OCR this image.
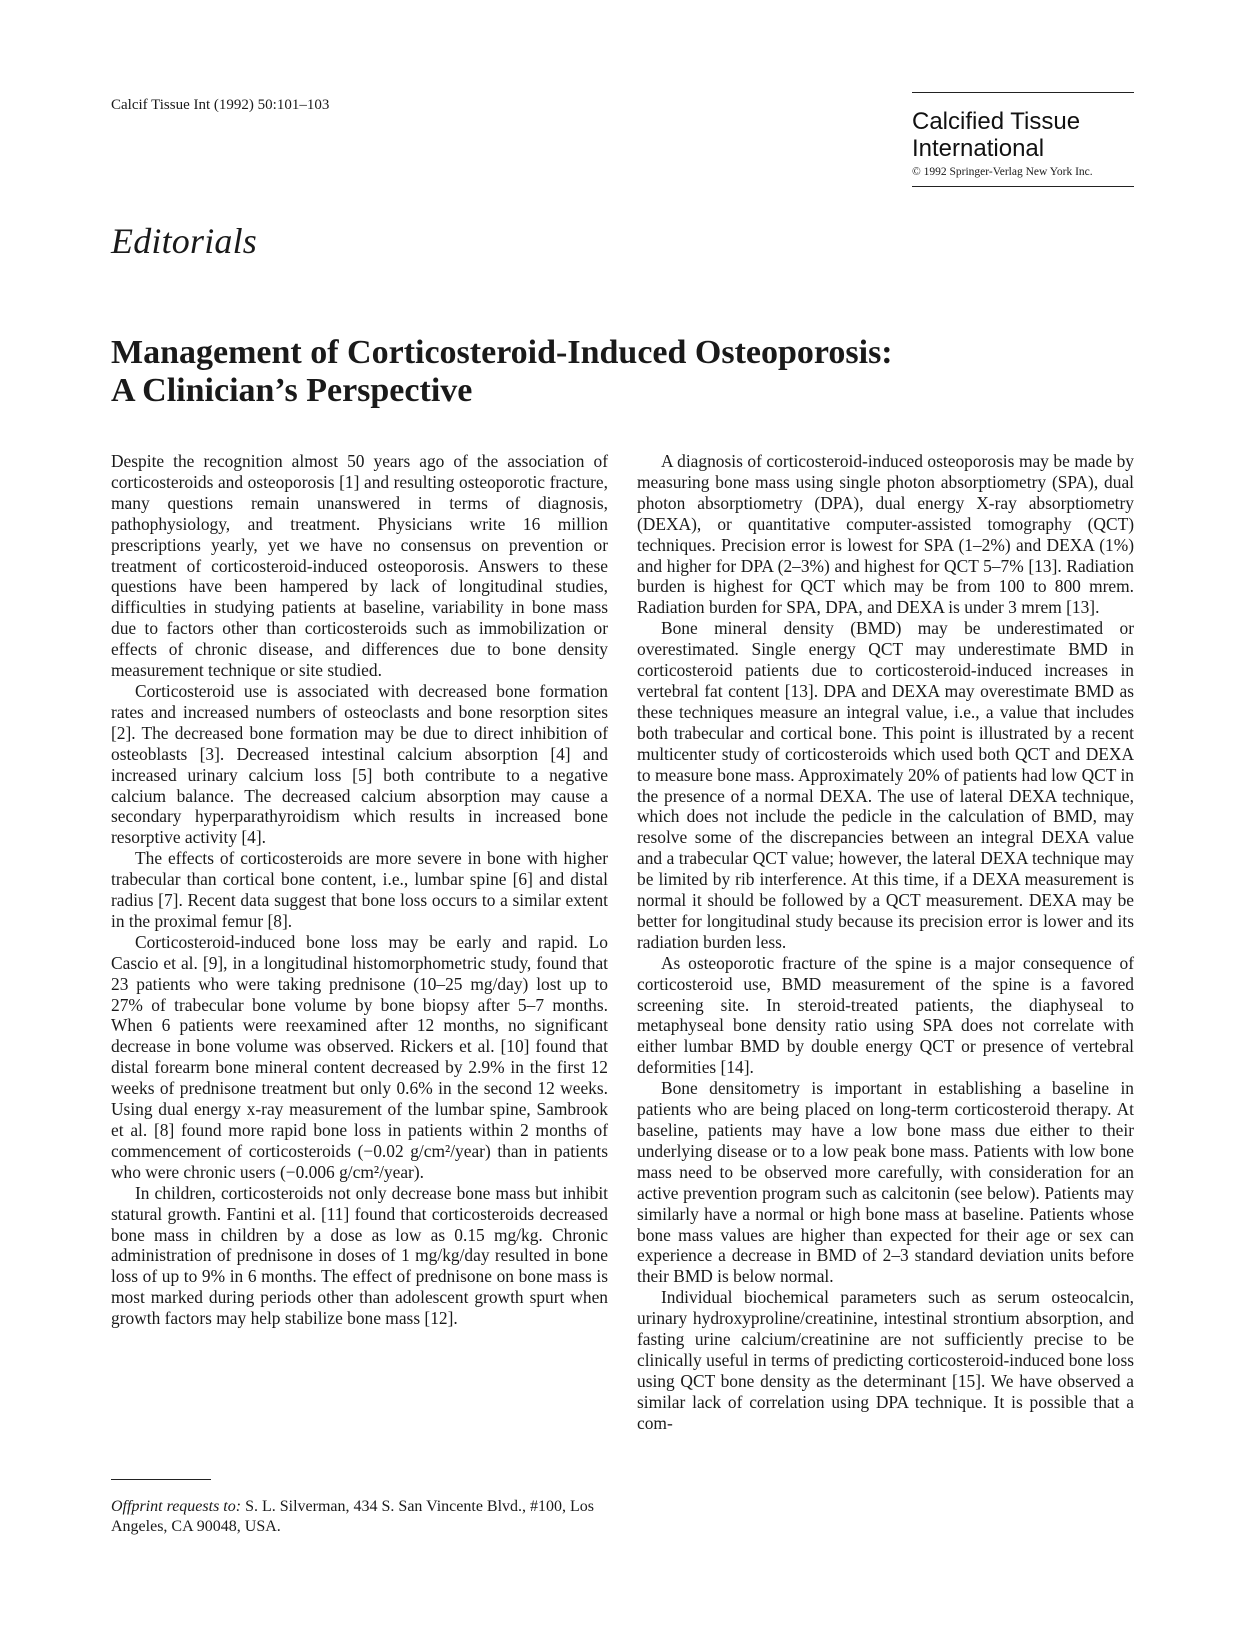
Calcif Tissue Int (1992) 50:101–103
Calcified Tissue
International
© 1992 Springer-Verlag New York Inc.
Editorials
Management of Corticosteroid-Induced Osteoporosis:
A Clinician’s Perspective

Despite the recognition almost 50 years ago of the association of corticosteroids and osteoporosis [1] and resulting osteoporotic fracture, many questions remain unanswered in terms of diagnosis, pathophysiology, and treatment. Physicians write 16 million prescriptions yearly, yet we have no consensus on prevention or treatment of corticosteroid-induced osteoporosis. Answers to these questions have been hampered by lack of longitudinal studies, difficulties in studying patients at baseline, variability in bone mass due to factors other than corticosteroids such as immobilization or effects of chronic disease, and differences due to bone density measurement technique or site studied.

Corticosteroid use is associated with decreased bone formation rates and increased numbers of osteoclasts and bone resorption sites [2]. The decreased bone formation may be due to direct inhibition of osteoblasts [3]. Decreased intestinal calcium absorption [4] and increased urinary calcium loss [5] both contribute to a negative calcium balance. The decreased calcium absorption may cause a secondary hyperparathyroidism which results in increased bone resorptive activity [4].

The effects of corticosteroids are more severe in bone with higher trabecular than cortical bone content, i.e., lumbar spine [6] and distal radius [7]. Recent data suggest that bone loss occurs to a similar extent in the proximal femur [8].

Corticosteroid-induced bone loss may be early and rapid. Lo Cascio et al. [9], in a longitudinal histomorphometric study, found that 23 patients who were taking prednisone (10–25 mg/day) lost up to 27% of trabecular bone volume by bone biopsy after 5–7 months. When 6 patients were reexamined after 12 months, no significant decrease in bone volume was observed. Rickers et al. [10] found that distal forearm bone mineral content decreased by 2.9% in the first 12 weeks of prednisone treatment but only 0.6% in the second 12 weeks. Using dual energy x-ray measurement of the lumbar spine, Sambrook et al. [8] found more rapid bone loss in patients within 2 months of commencement of corticosteroids (−0.02 g/cm²/year) than in patients who were chronic users (−0.006 g/cm²/year).

In children, corticosteroids not only decrease bone mass but inhibit statural growth. Fantini et al. [11] found that corticosteroids decreased bone mass in children by a dose as low as 0.15 mg/kg. Chronic administration of prednisone in doses of 1 mg/kg/day resulted in bone loss of up to 9% in 6 months. The effect of prednisone on bone mass is most marked during periods other than adolescent growth spurt when growth factors may help stabilize bone mass [12].

A diagnosis of corticosteroid-induced osteoporosis may be made by measuring bone mass using single photon absorptiometry (SPA), dual photon absorptiometry (DPA), dual energy X-ray absorptiometry (DEXA), or quantitative computer-assisted tomography (QCT) techniques. Precision error is lowest for SPA (1–2%) and DEXA (1%) and higher for DPA (2–3%) and highest for QCT 5–7% [13]. Radiation burden is highest for QCT which may be from 100 to 800 mrem. Radiation burden for SPA, DPA, and DEXA is under 3 mrem [13].

Bone mineral density (BMD) may be underestimated or overestimated. Single energy QCT may underestimate BMD in corticosteroid patients due to corticosteroid-induced increases in vertebral fat content [13]. DPA and DEXA may overestimate BMD as these techniques measure an integral value, i.e., a value that includes both trabecular and cortical bone. This point is illustrated by a recent multicenter study of corticosteroids which used both QCT and DEXA to measure bone mass. Approximately 20% of patients had low QCT in the presence of a normal DEXA. The use of lateral DEXA technique, which does not include the pedicle in the calculation of BMD, may resolve some of the discrepancies between an integral DEXA value and a trabecular QCT value; however, the lateral DEXA technique may be limited by rib interference. At this time, if a DEXA measurement is normal it should be followed by a QCT measurement. DEXA may be better for longitudinal study because its precision error is lower and its radiation burden less.

As osteoporotic fracture of the spine is a major consequence of corticosteroid use, BMD measurement of the spine is a favored screening site. In steroid-treated patients, the diaphyseal to metaphyseal bone density ratio using SPA does not correlate with either lumbar BMD by double energy QCT or presence of vertebral deformities [14].

Bone densitometry is important in establishing a baseline in patients who are being placed on long-term corticosteroid therapy. At baseline, patients may have a low bone mass due either to their underlying disease or to a low peak bone mass. Patients with low bone mass need to be observed more carefully, with consideration for an active prevention program such as calcitonin (see below). Patients may similarly have a normal or high bone mass at baseline. Patients whose bone mass values are higher than expected for their age or sex can experience a decrease in BMD of 2–3 standard deviation units before their BMD is below normal.

Individual biochemical parameters such as serum osteocalcin, urinary hydroxyproline/creatinine, intestinal strontium absorption, and fasting urine calcium/creatinine are not sufficiently precise to be clinically useful in terms of predicting corticosteroid-induced bone loss using QCT bone density as the determinant [15]. We have observed a similar lack of correlation using DPA technique. It is possible that a com-

Offprint requests to: S. L. Silverman, 434 S. San Vincente Blvd., #100, Los Angeles, CA 90048, USA.
